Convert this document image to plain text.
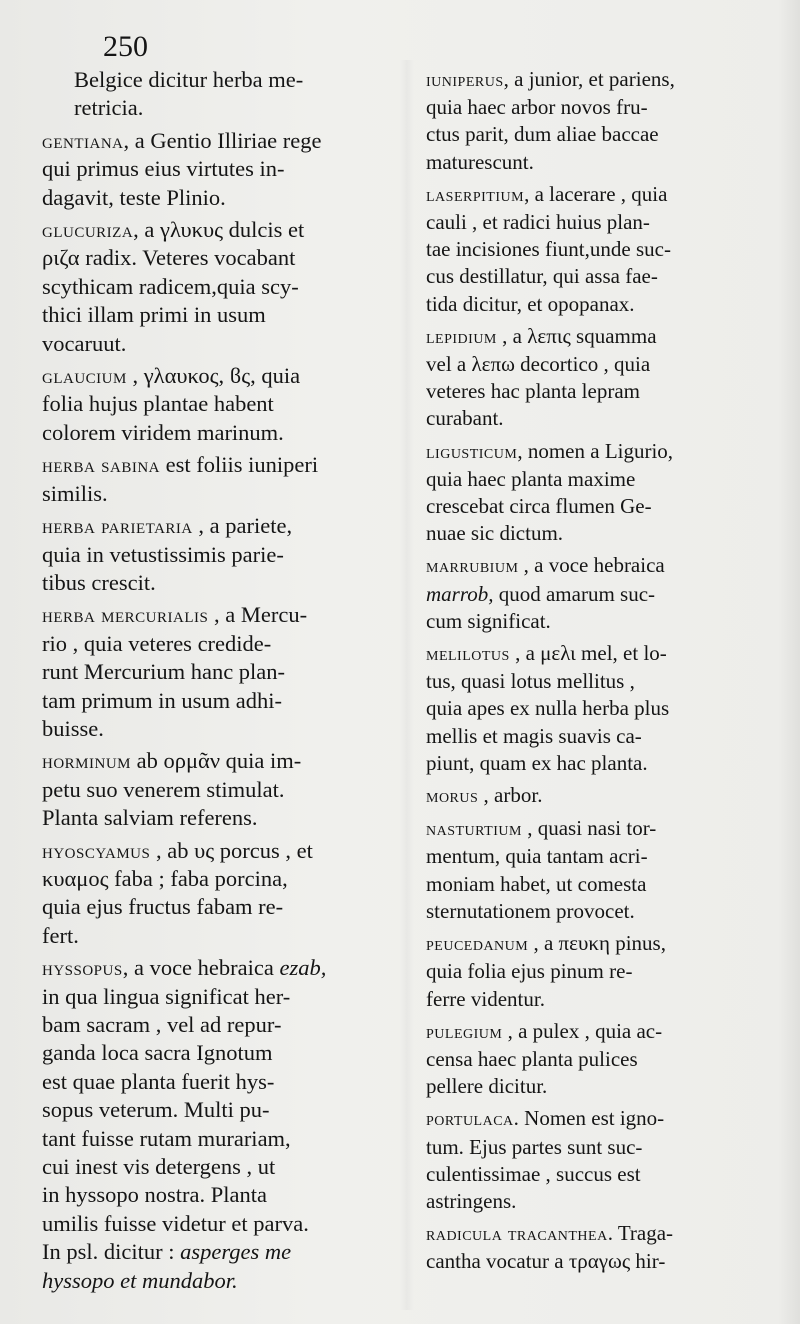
250
Belgice dicitur herba me-
retricia.
gentiana, a Gentio Illiriae rege
qui primus eius virtutes in-
dagavit, teste Plinio.
glucuriza, a γλυκυς dulcis et
ριζα radix. Veteres vocabant
scythicam radicem,quia scy-
thici illam primi in usum
vocaruut.
glaucium , γλαυκος, ϐς, quia
folia hujus plantae habent
colorem viridem marinum.
herba sabina est foliis iuniperi
similis.
herba parietaria , a pariete,
quia in vetustissimis parie-
tibus crescit.
herba mercurialis , a Mercu-
rio , quia veteres credide-
runt Mercurium hanc plan-
tam primum in usum adhi-
buisse.
horminum ab ορμᾶν quia im-
petu suo venerem stimulat.
Planta salviam referens.
hyoscyamus , ab υς porcus , et
κυαμος faba ; faba porcina,
quia ejus fructus fabam re-
fert.
hyssopus, a voce hebraica ezab,
in qua lingua significat her-
bam sacram , vel ad repur-
ganda loca sacra Ignotum
est quae planta fuerit hys-
sopus veterum. Multi pu-
tant fuisse rutam murariam,
cui inest vis detergens , ut
in hyssopo nostra. Planta
umilis fuisse videtur et parva.
In psl. dicitur : asperges me
hyssopo et mundabor.
iuniperus, a junior, et pariens,
quia haec arbor novos fru-
ctus parit, dum aliae baccae
maturescunt.
laserpitium, a lacerare , quia
cauli , et radici huius plan-
tae incisiones fiunt,unde suc-
cus destillatur, qui assa fae-
tida dicitur, et opopanax.
lepidium , a λεπις squamma
vel a λεπω decortico , quia
veteres hac planta lepram
curabant.
ligusticum, nomen a Ligurio,
quia haec planta maxime
crescebat circa flumen Ge-
nuae sic dictum.
marrubium , a voce hebraica
marrob, quod amarum suc-
cum significat.
melilotus , a μελι mel, et lo-
tus, quasi lotus mellitus ,
quia apes ex nulla herba plus
mellis et magis suavis ca-
piunt, quam ex hac planta.
morus , arbor.
nasturtium , quasi nasi tor-
mentum, quia tantam acri-
moniam habet, ut comesta
sternutationem provocet.
peucedanum , a πευκη pinus,
quia folia ejus pinum re-
ferre videntur.
pulegium , a pulex , quia ac-
censa haec planta pulices
pellere dicitur.
portulaca. Nomen est igno-
tum. Ejus partes sunt suc-
culentissimae , succus est
astringens.
radicula tracanthea. Traga-
cantha vocatur a τραγως hir-
